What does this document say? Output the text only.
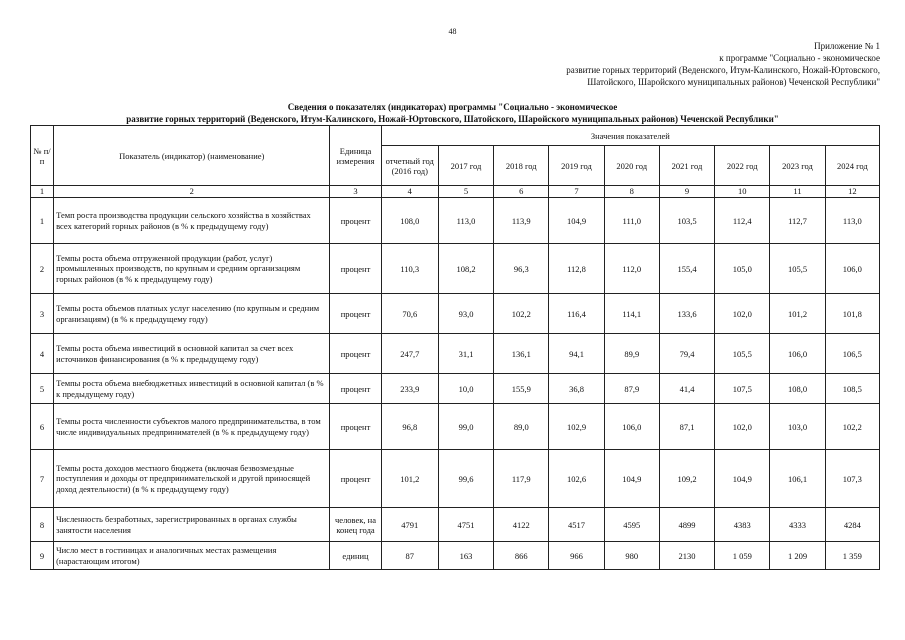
48
Приложение № 1
к программе "Социально - экономическое
развитие горных территорий (Веденского, Итум-Калинского, Ножай-Юртовского,
Шатойского, Шаройского муниципальных районов) Чеченской Республики"
Сведения о показателях (индикаторах) программы "Социально - экономическое
развитие горных территорий (Веденского, Итум-Калинского, Ножай-Юртовского, Шатойского, Шаройского муниципальных районов) Чеченской Республики"
№ п/п	Показатель (индикатор) (наименование)	Единица измерения	Значения показателей								
			отчетный год (2016 год)	2017 год	2018 год	2019 год	2020 год	2021 год	2022 год	2023 год	2024 год
1	2	3	4	5	6	7	8	9	10	11	12
1	Темп роста производства продукции сельского хозяйства в хозяйствах всех категорий горных районов (в % к предыдущему году)	процент	108,0	113,0	113,9	104,9	111,0	103,5	112,4	112,7	113,0
2	Темпы роста объема отгруженной продукции (работ, услуг) промышленных производств, по крупным и средним организациям горных районов (в % к предыдущему году)	процент	110,3	108,2	96,3	112,8	112,0	155,4	105,0	105,5	106,0
3	Темпы роста объемов платных услуг населению (по крупным и средним организациям) (в % к предыдущему году)	процент	70,6	93,0	102,2	116,4	114,1	133,6	102,0	101,2	101,8
4	Темпы роста объема инвестиций в основной капитал за счет всех источников финансирования (в % к предыдущему году)	процент	247,7	31,1	136,1	94,1	89,9	79,4	105,5	106,0	106,5
5	Темпы роста объема внебюджетных инвестиций в основной капитал (в % к предыдущему году)	процент	233,9	10,0	155,9	36,8	87,9	41,4	107,5	108,0	108,5
6	Темпы роста численности субъектов малого предпринимательства, в том числе индивидуальных предпринимателей (в % к предыдущему году)	процент	96,8	99,0	89,0	102,9	106,0	87,1	102,0	103,0	102,2
7	Темпы роста доходов местного бюджета (включая безвозмездные поступления и доходы от предпринимательской и другой приносящей доход деятельности) (в % к предыдущему году)	процент	101,2	99,6	117,9	102,6	104,9	109,2	104,9	106,1	107,3
8	Численность безработных, зарегистрированных в органах службы занятости населения	человек, на конец года	4791	4751	4122	4517	4595	4899	4383	4333	4284
9	Число мест в гостиницах и аналогичных местах размещения (нарастающим итогом)	единиц	87	163	866	966	980	2130	1 059	1 209	1 359
